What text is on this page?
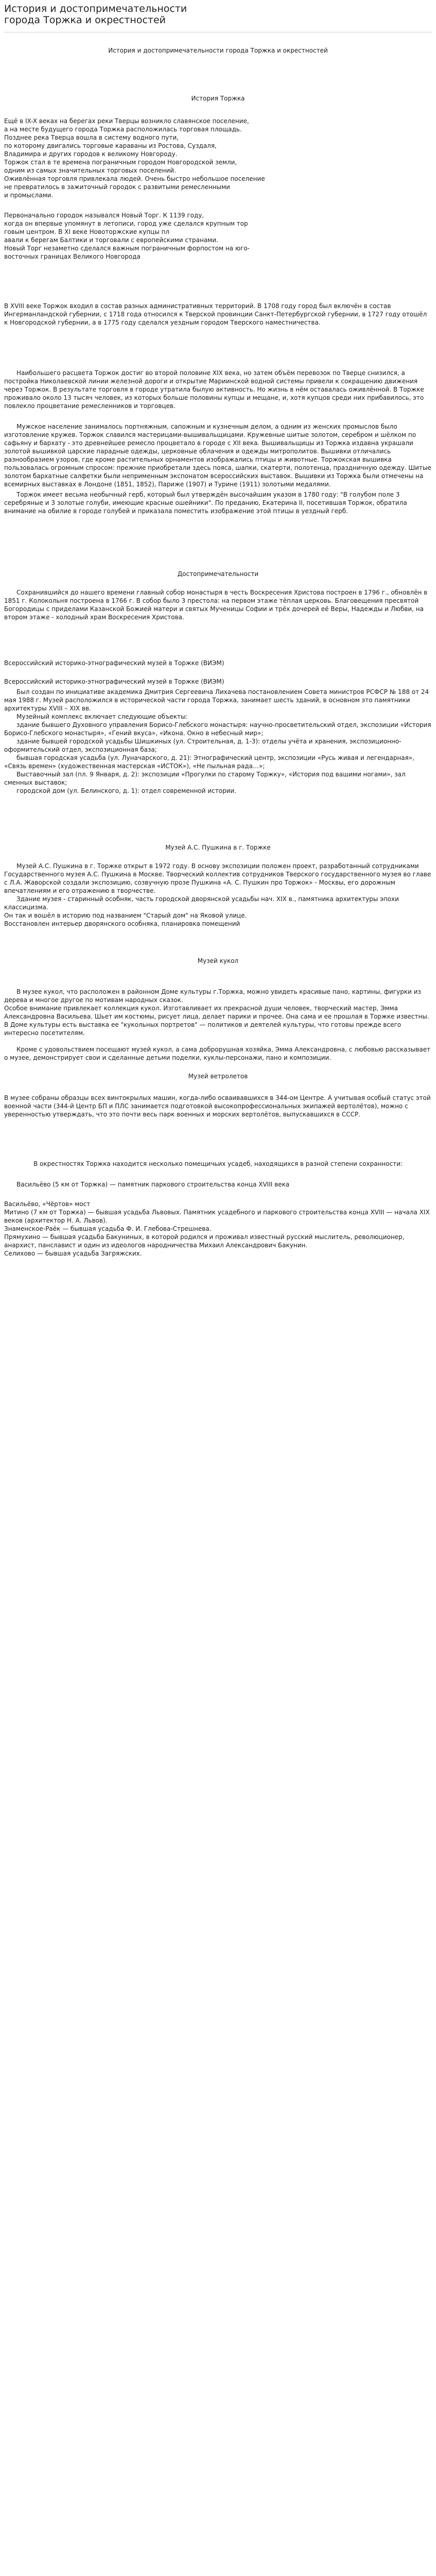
История и достопримечательности города Торжка и окрестностей

История и достопримечательности города Торжка и окрестностей

История Торжка

Ещё в IX-X веках на берегах реки Тверцы возникло славянское поселение,
а на месте будущего города Торжка расположилась торговая площадь.
Позднее река Тверца вошла в систему водного пути,
по которому двигались торговые караваны из Ростова, Суздаля,
Владимира и других городов к великому Новгороду.
Торжок стал в те времена пограничным городом Новгородской земли,
одним из самых значительных торговых поселений.
Оживлённая торговля привлекала людей. Очень быстро небольшое поселение
не превратилось в зажиточный городок с развитыми ремесленными
и промыслами.

Первоначально городок назывался Новый Торг. К 1139 году,
когда он впервые упомянут в летописи, город уже сделался крупным тор
говым центром. В XI веке Новоторжские купцы пл
авали к берегам Балтики и торговали с европейскими странами.
Новый Торг незаметно сделался важным пограничным форпостом на юго-
восточных границах Великого Новгорода

В XVIII веке Торжок входил в состав разных административных территорий. В 1708 году город был включён в состав Ингерманландской губернии, с 1718 года относился к Тверской провинции Санкт-Петербургской губернии, в 1727 году отошёл к Новгородской губернии, а в 1775 году сделался уездным городом Тверского наместничества.

Наибольшего расцвета Торжок достиг во второй половине XIX века, но затем объём перевозок по Тверце снизился, а постройка Николаевской линии железной дороги и открытие Мариинской водной системы привели к сокращению движения через Торжок. В результате торговля в городе утратила былую активность. Но жизнь в нём оставалась оживлённой. В Торжке проживало около 13 тысяч человек, из которых больше половины купцы и мещане, и, хотя купцов среди них прибавилось, это повлекло процветание ремесленников и торговцев.

Мужское население занималось портняжным, сапожным и кузнечным делом, а одним из женских промыслов было изготовление кружев. Торжок славился мастерицами-вышивальщицами. Кружевные шитые золотом, серебром и шёлком по сафьяну и бархату - это древнейшее ремесло процветало в городе с XII века. Вышивальщицы из Торжка издавна украшали золотой вышивкой царские парадные одежды, церковные облачения и одежды митрополитов. Вышивки отличались разнообразием узоров, где кроме растительных орнаментов изображались птицы и животные. Торжокская вышивка пользовалась огромным спросом: прежние приобретали здесь пояса, шапки, скатерти, полотенца, праздничную одежду. Шитые золотом бархатные салфетки были неприменным экспонатом всероссийских выставок. Вышивки из Торжка были отмечены на всемирных выставках в Лондоне (1851, 1852), Париже (1907) и Турине (1911) золотыми медалями.

Торжок имеет весьма необычный герб, который был утверждён высочайшим указом в 1780 году: "В голубом поле 3 серебряные и 3 золотые голуби, имеющие красные ошейники". По преданию, Екатерина II, посетившая Торжок, обратила внимание на обилие в городе голубей и приказала поместить изображение этой птицы в уездный герб.

Достопримечательности

Сохранившийся до нашего времени главный собор монастыря в честь Воскресения Христова построен в 1796 г., обновлён в 1851 г. Колокольня построена в 1766 г. В собор было 3 престола: на первом этаже тёплая церковь. Благовещения пресвятой Богородицы с приделами Казанской Божией матери и святых Мученицы Софии и трёх дочерей её Веры, Надежды и Любви, на втором этаже - холодный храм Воскресения Христова.

Всероссийский историко-этнографический музей в Торжке (ВИЭМ)

Всероссийский историко-этнографический музей в Торжке (ВИЭМ)

Был создан по инициативе академика Дмитрия Сергеевича Лихачева постановлением Совета министров РСФСР № 188 от 24 мая 1988 г. Музей расположился в исторической части города Торжка, занимает шесть зданий, в основном это памятники архитектуры XVIII – XIX вв.

Музейный комплекс включает следующие объекты:

здание бывшего Духовного управления Борисо-Глебского монастыря: научно-просветительский отдел, экспозиции «История Борисо-Глебского монастыря», «Гений вкуса», «Икона. Окно в небесный мир»;

здание бывшей городской усадьбы Шишкиных (ул. Строительная, д. 1-3): отделы учёта и хранения, экспозиционно-оформительский отдел, экспозиционная база;

бывшая городская усадьба (ул. Луначарского, д. 21): Этнографический центр, экспозиции «Русь живая и легендарная», «Связь времен» (художественная мастерская «ИСТОК»), «Не пыльная рада…»;

Выставочный зал (пл. 9 Января, д. 2): экспозиции «Прогулки по старому Торжку», «История под вашими ногами», зал сменных выставок;

городской дом (ул. Белинского, д. 1): отдел современной истории.

Музей А.С. Пушкина в г. Торжке

Музей А.С. Пушкина в г. Торжке открыт в 1972 году. В основу экспозиции положен проект, разработанный сотрудниками Государственного музея А.С. Пушкина в Москве. Творческий коллектив сотрудников Тверского государственного музея во главе с Л.А. Жаворской создали экспозицию, созвучную прозе Пушкина «А. С. Пушкин про Торжок» - Москвы, его дорожным впечатлениям и его отражению в творчестве.

Здание музея - старинный особняк, часть городской дворянской усадьбы нач. XIX в., памятника архитектуры эпохи классицизма.
Он так и вошёл в историю под названием "Старый дом" на Яковой улице.
Восстановлен интерьер дворянского особняка, планировка помещений

Музей кукол

В музее кукол, что расположен в районном Доме культуры г.Торжка, можно увидеть красивые пано, картины, фигурки из дерева и многое другое по мотивам народных сказок.
Особое внимание привлекает коллекция кукол. Изготавливает их прекрасной души человек, творческий мастер, Эмма Александровна Васильева. Шьет им костюмы, рисует лица, делает парики и прочее. Она сама и ее прошлая в Торжке известны. В Доме культуры есть выставка ее "кукольных портретов" — политиков и деятелей культуры, что готовы прежде всего интересно посетителям.

Кроме с удовольствием посещают музей кукол, а сама доброрушная хозяйка, Эмма Александровна, с любовью рассказывает о музее, демонстрирует свои и сделанные детьми поделки, куклы-персонажи, пано и композиции.

Музей ветролетов

В музее собраны образцы всех винтокрылых машин, когда-либо осваивавшихся в 344-ом Центре. А учитывая особый статус этой военной части (344-й Центр БП и ПЛС занимается подготовкой высокопрофессиональных экипажей вертолётов), можно с уверенностью утверждать, что это почти весь парк военных и морских вертолётов, выпускавшихся в СССР.

В окрестностях Торжка находится несколько помещичьих усадеб, находящихся в разной степени сохранности:

Васильёво (5 км от Торжка) — памятник паркового строительства конца XVIII века

Васильёво, «Чёртов» мост
Митино (7 км от Торжка) — бывшая усадьба Львовых. Памятник усадебного и паркового строительства конца XVIII — начала XIX веков (архитектор Н. А. Львов).
Знаменское-Раёк — бывшая усадьба Ф. И. Глебова-Стрешнева.
Прямухино — бывшая усадьба Бакуниных, в которой родился и проживал известный русский мыслитель, революционер, анархист, панславист и один из идеологов народничества Михаил Александрович Бакунин.
Селихово — бывшая усадьба Загряжских.
